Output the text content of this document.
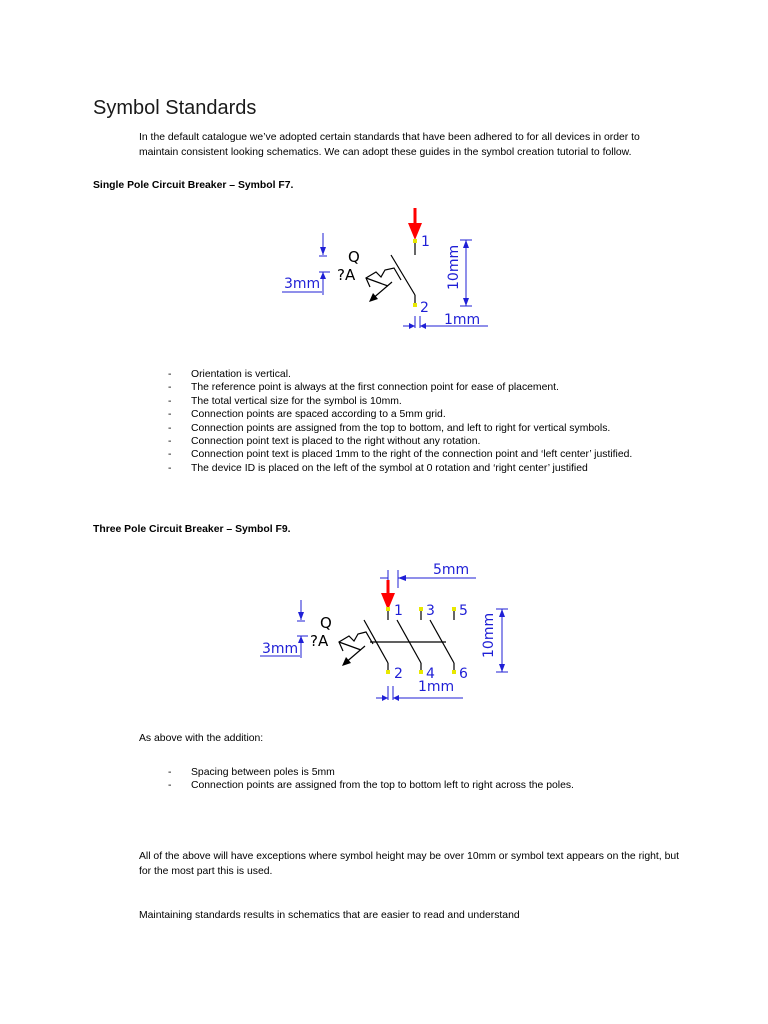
Symbol Standards
In the default catalogue we’ve adopted certain standards that have been adhered to for all devices in order to maintain consistent looking schematics. We can adopt these guides in the symbol creation tutorial to follow.
Single Pole Circuit Breaker – Symbol F7.
3mm
Q
?A
1
2
10mm
1mm
- Orientation is vertical.
- The reference point is always at the first connection point for ease of placement.
- The total vertical size for the symbol is 10mm.
- Connection points are spaced according to a 5mm grid.
- Connection points are assigned from the top to bottom, and left to right for vertical symbols.
- Connection point text is placed to the right without any rotation.
- Connection point text is placed 1mm to the right of the connection point and ‘left center’ justified.
- The device ID is placed on the left of the symbol at 0 rotation and ‘right center’ justified
Three Pole Circuit Breaker – Symbol F9.
5mm
3mm
Q
?A
1 3 5
2 4 6
10mm
1mm
As above with the addition:
- Spacing between poles is 5mm
- Connection points are assigned from the top to bottom left to right across the poles.
All of the above will have exceptions where symbol height may be over 10mm or symbol text appears on the right, but for the most part this is used.
Maintaining standards results in schematics that are easier to read and understand
